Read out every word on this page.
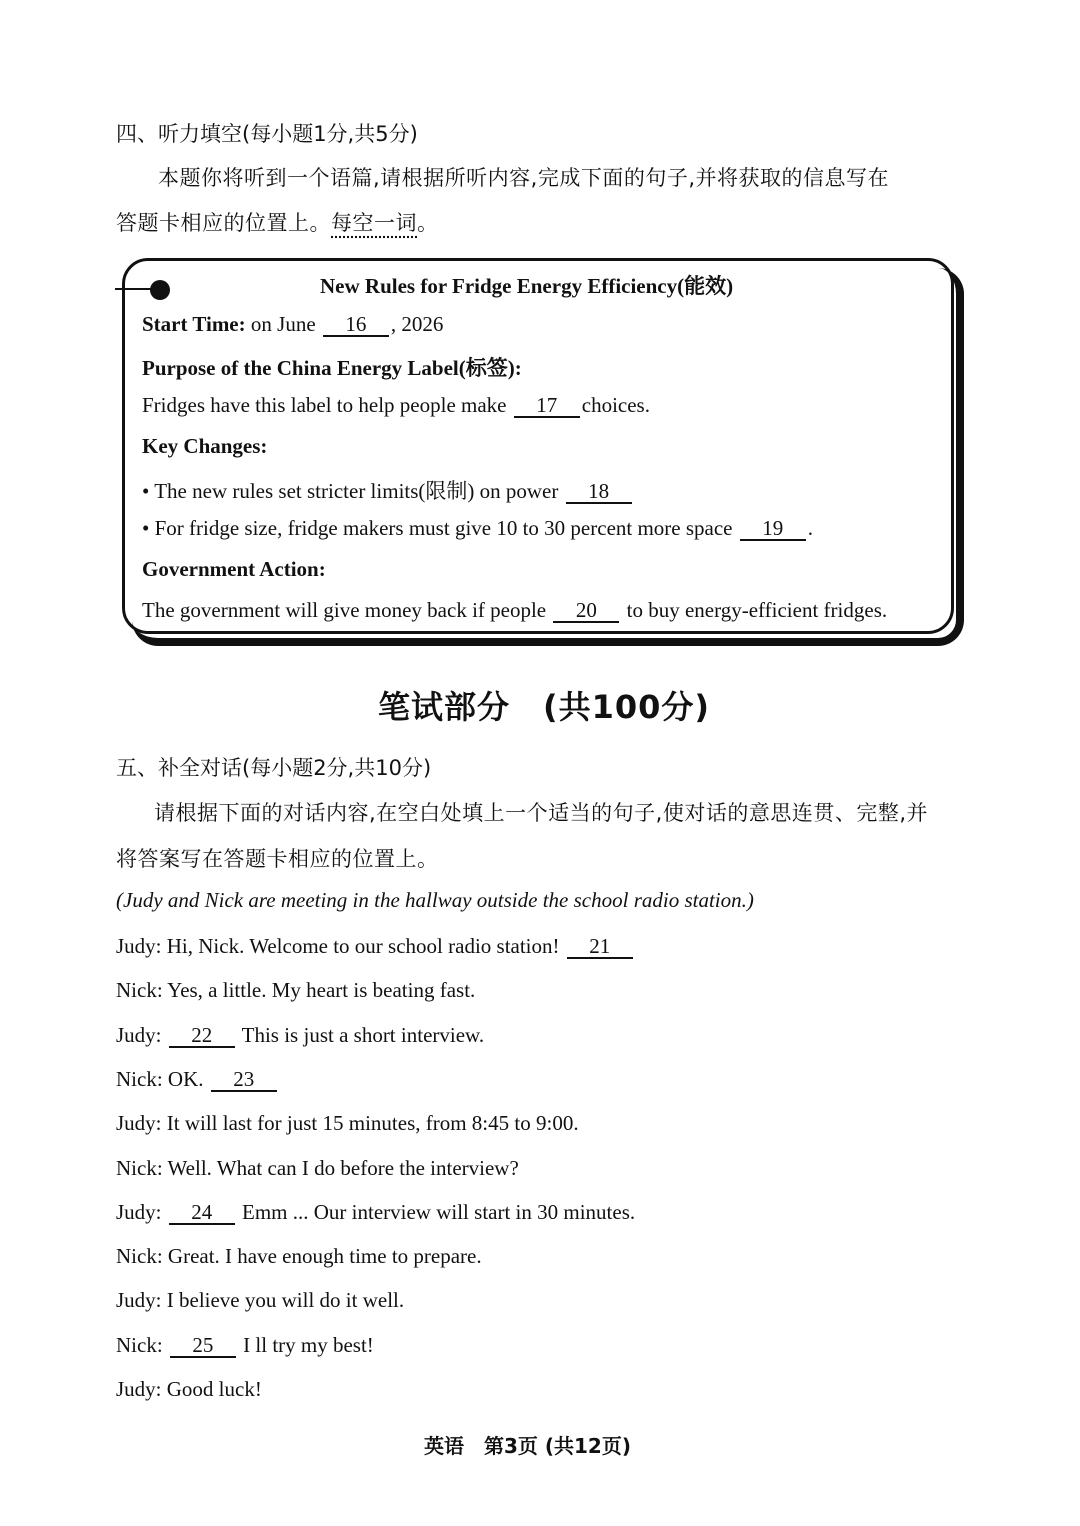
四、听力填空(每小题1分,共5分)
本题你将听到一个语篇,请根据所听内容,完成下面的句子,并将获取的信息写在
答题卡相应的位置上。每空一词。
New Rules for Fridge Energy Efficiency(能效)
Start Time: on June 16 , 2026
Purpose of the China Energy Label(标签):
Fridges have this label to help people make 17 choices.
Key Changes:
• The new rules set stricter limits(限制) on power 18
• For fridge size, fridge makers must give 10 to 30 percent more space 19 .
Government Action:
The government will give money back if people 20 to buy energy-efficient fridges.
笔试部分　(共100分)
五、补全对话(每小题2分,共10分)
请根据下面的对话内容,在空白处填上一个适当的句子,使对话的意思连贯、完整,并
将答案写在答题卡相应的位置上。
(Judy and Nick are meeting in the hallway outside the school radio station.)
Judy: Hi, Nick. Welcome to our school radio station! 21
Nick: Yes, a little. My heart is beating fast.
Judy: 22 This is just a short interview.
Nick: OK. 23
Judy: It will last for just 15 minutes, from 8:45 to 9:00.
Nick: Well. What can I do before the interview?
Judy: 24 Emm ... Our interview will start in 30 minutes.
Nick: Great. I have enough time to prepare.
Judy: I believe you will do it well.
Nick: 25 I ll try my best!
Judy: Good luck!
英语　第3页 (共12页)
